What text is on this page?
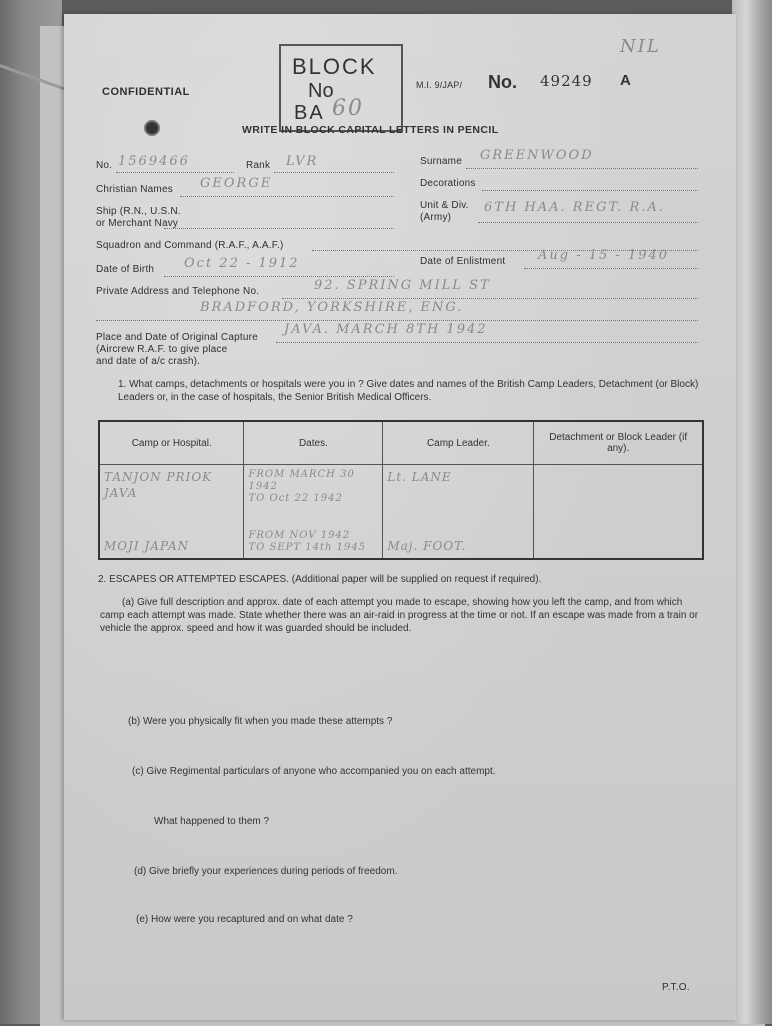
CONFIDENTIAL
BLOCK
No
BA 60
M.I. 9/JAP/ No. 49249 A
NIL
WRITE IN BLOCK CAPITAL LETTERS IN PENCIL
No. 1569466	Rank LVR	Surname GREENWOOD
Christian Names GEORGE	Decorations
Ship (R.N., U.S.N.
or Merchant Navy
Unit & Div.
(Army)
6TH HAA. REGT. R.A.
Squadron and Command (R.A.F., A.A.F.)
Date of Birth Oct 22 - 1912	Date of Enlistment	Aug - 15 - 1940
Private Address and Telephone No.	92. SPRING MILL ST
BRADFORD, YORKSHIRE, ENG.
Place and Date of Original Capture
(Aircrew R.A.F. to give place
and date of a/c crash).
JAVA. MARCH 8TH 1942
1. What camps, detachments or hospitals were you in ? Give dates and names of the British Camp Leaders, Detachment (or Block) Leaders or, in the case of hospitals, the Senior British Medical Officers.
Camp or Hospital.	Dates.	Camp Leader.	Detachment or Block Leader (if any).
TANJON PRIOK
JAVA	FROM MARCH 30
1942
TO Oct 22 1942	Lt. LANE	
MOJI JAPAN	FROM NOV 1942
TO SEPT 14th 1945	Maj. FOOT.	
2. ESCAPES OR ATTEMPTED ESCAPES. (Additional paper will be supplied on request if required).
(a) Give full description and approx. date of each attempt you made to escape, showing how you left the camp, and from which camp each attempt was made. State whether there was an air-raid in progress at the time or not. If an escape was made from a train or vehicle the approx. speed and how it was guarded should be included.
(b) Were you physically fit when you made these attempts ?
(c) Give Regimental particulars of anyone who accompanied you on each attempt.
What happened to them ?
(d) Give briefly your experiences during periods of freedom.
(e) How were you recaptured and on what date ?
P.T.O.
